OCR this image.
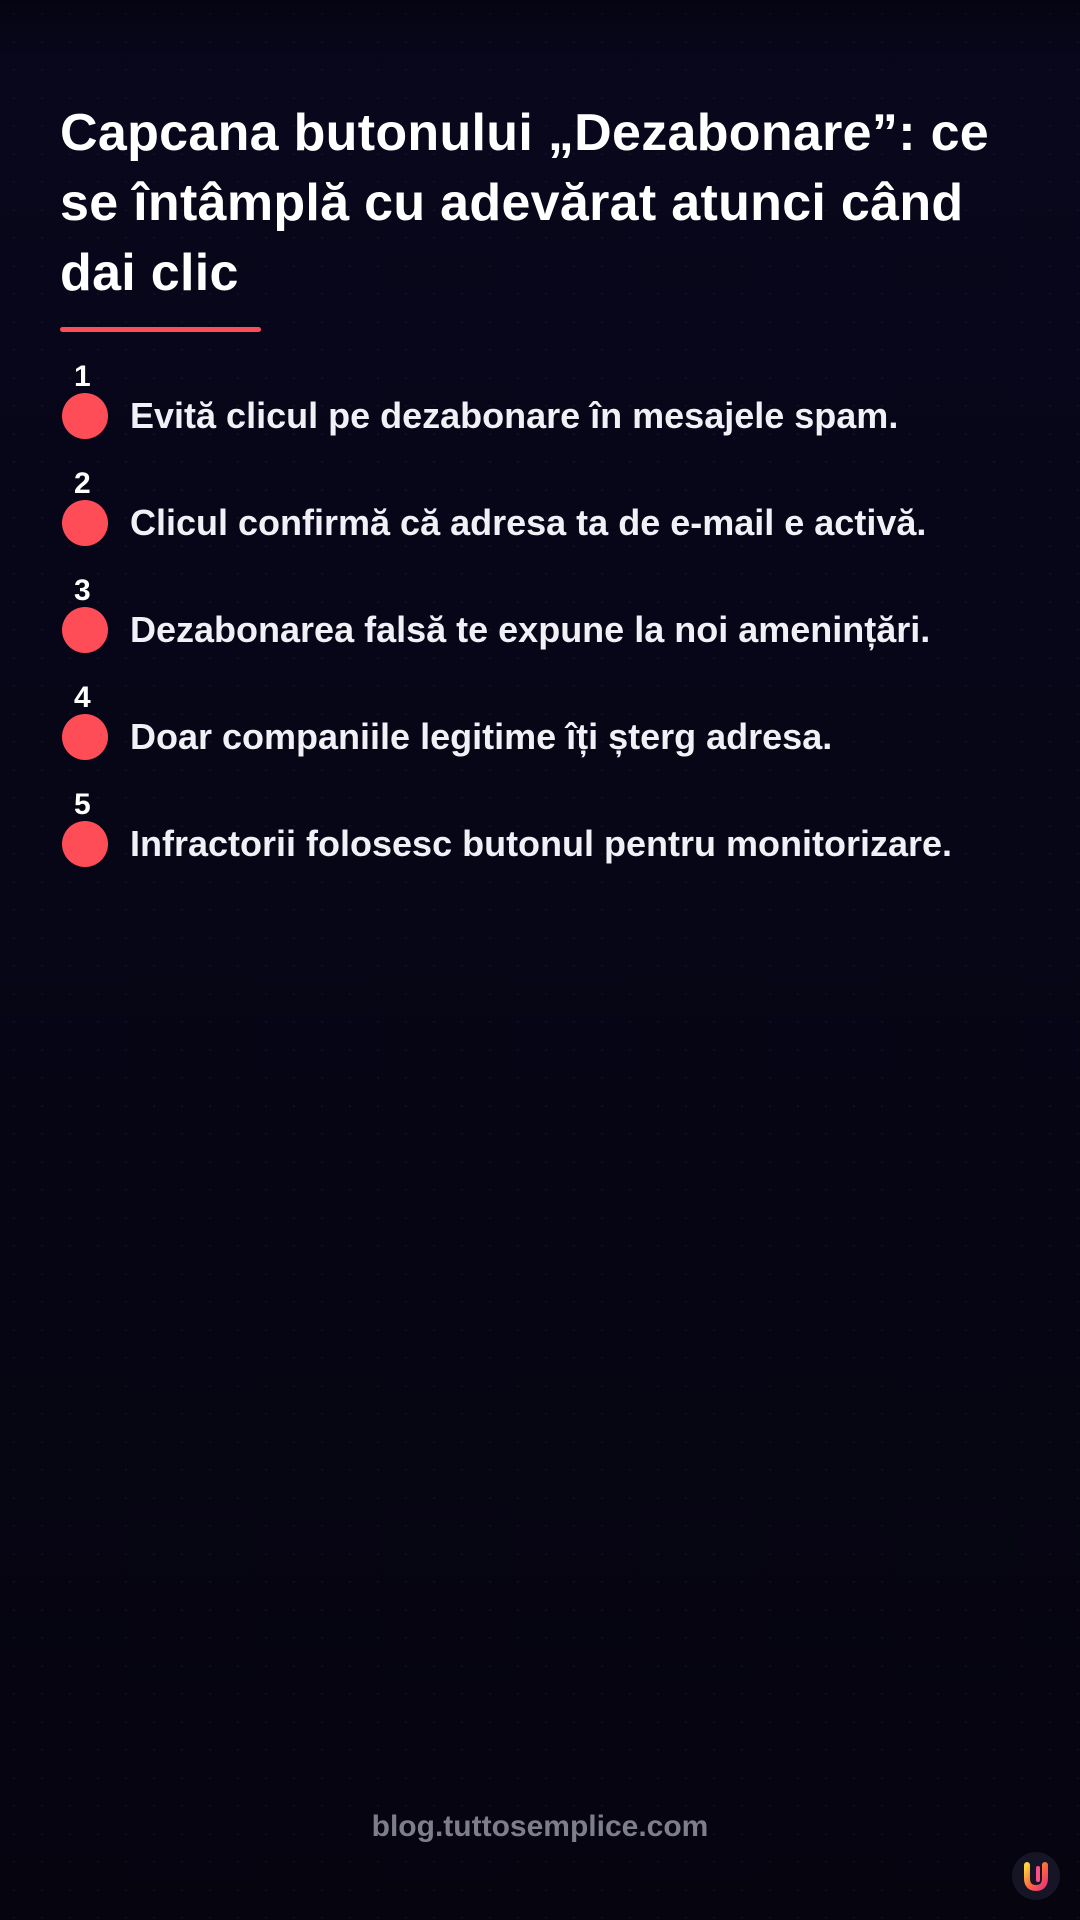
Capcana butonului „Dezabonare”: ce se întâmplă cu adevărat atunci când dai clic
1
Evită clicul pe dezabonare în mesajele spam.
2
Clicul confirmă că adresa ta de e-mail e activă.
3
Dezabonarea falsă te expune la noi amenințări.
4
Doar companiile legitime îți șterg adresa.
5
Infractorii folosesc butonul pentru monitorizare.
blog.tuttosemplice.com
